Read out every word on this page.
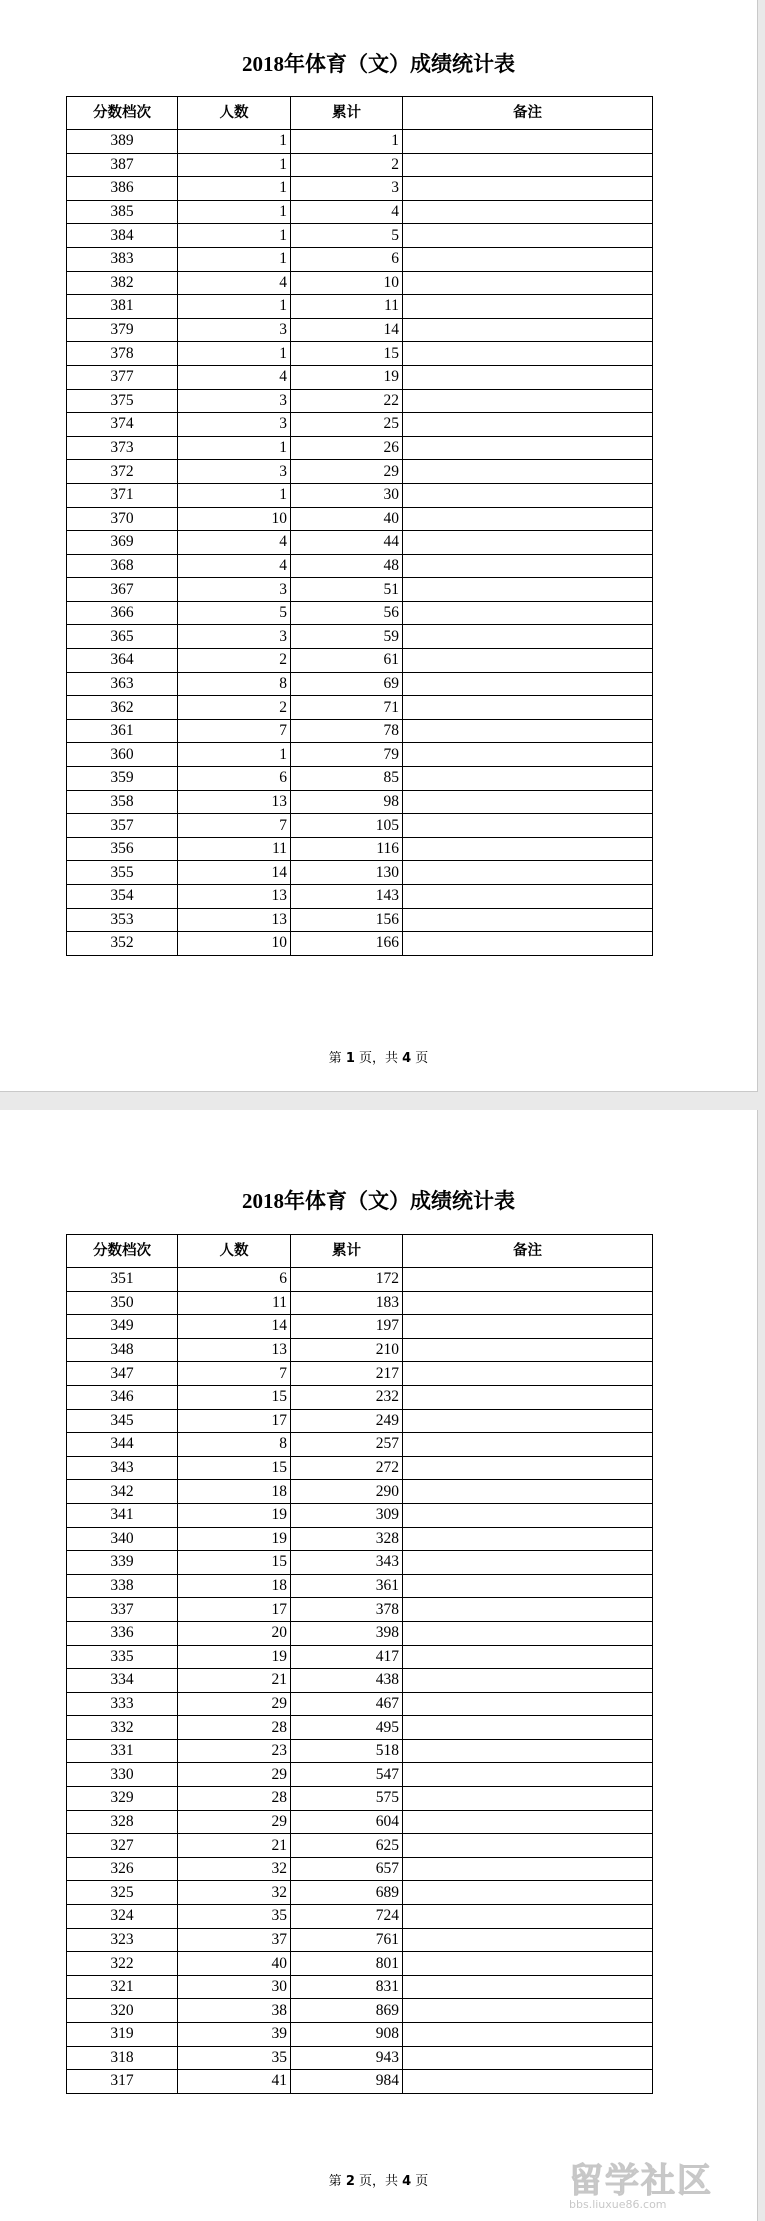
2018年体育（文）成绩统计表
分数档次	人数	累计	备注
389	1	1	
387	1	2	
386	1	3	
385	1	4	
384	1	5	
383	1	6	
382	4	10	
381	1	11	
379	3	14	
378	1	15	
377	4	19	
375	3	22	
374	3	25	
373	1	26	
372	3	29	
371	1	30	
370	10	40	
369	4	44	
368	4	48	
367	3	51	
366	5	56	
365	3	59	
364	2	61	
363	8	69	
362	2	71	
361	7	78	
360	1	79	
359	6	85	
358	13	98	
357	7	105	
356	11	116	
355	14	130	
354	13	143	
353	13	156	
352	10	166	
第 1 页，共 4 页
2018年体育（文）成绩统计表
分数档次	人数	累计	备注
351	6	172	
350	11	183	
349	14	197	
348	13	210	
347	7	217	
346	15	232	
345	17	249	
344	8	257	
343	15	272	
342	18	290	
341	19	309	
340	19	328	
339	15	343	
338	18	361	
337	17	378	
336	20	398	
335	19	417	
334	21	438	
333	29	467	
332	28	495	
331	23	518	
330	29	547	
329	28	575	
328	29	604	
327	21	625	
326	32	657	
325	32	689	
324	35	724	
323	37	761	
322	40	801	
321	30	831	
320	38	869	
319	39	908	
318	35	943	
317	41	984	
第 2 页，共 4 页	留学社区
bbs.liuxue86.com
